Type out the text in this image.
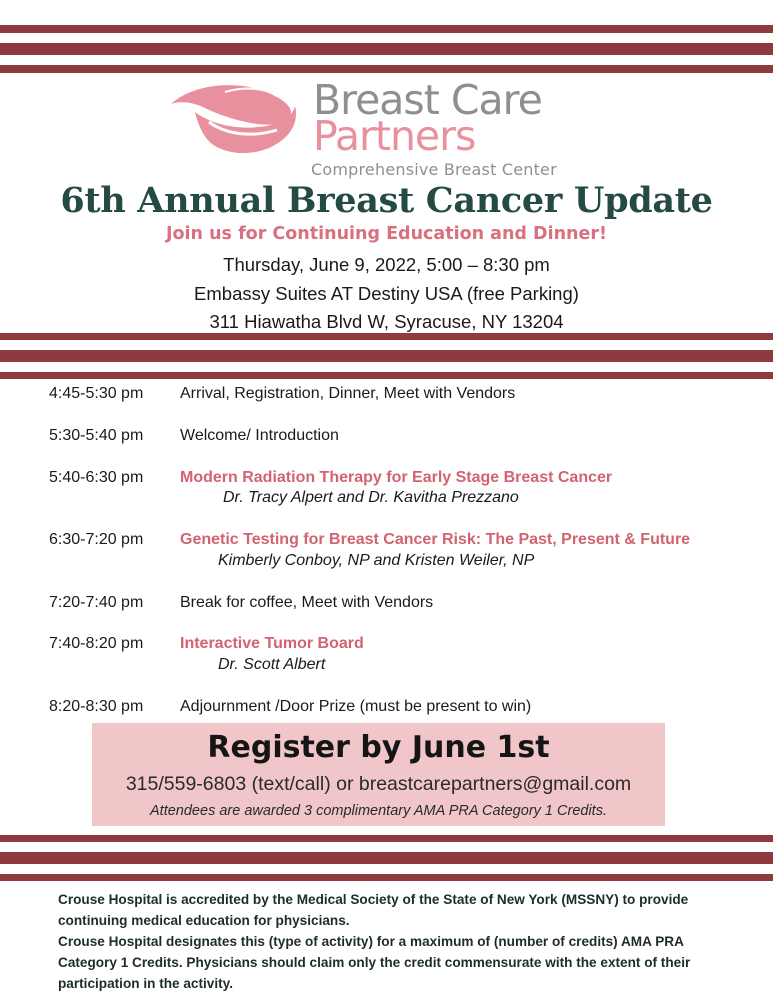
Breast Care
Partners
Comprehensive Breast Center
6th Annual Breast Cancer Update
Join us for Continuing Education and Dinner!
Thursday, June 9, 2022, 5:00 – 8:30 pm
Embassy Suites AT Destiny USA (free Parking)
311 Hiawatha Blvd W, Syracuse, NY 13204
4:45-5:30 pm Arrival, Registration, Dinner, Meet with Vendors
5:30-5:40 pm Welcome/ Introduction
5:40-6:30 pm Modern Radiation Therapy for Early Stage Breast Cancer
Dr. Tracy Alpert and Dr. Kavitha Prezzano
6:30-7:20 pm Genetic Testing for Breast Cancer Risk: The Past, Present & Future
Kimberly Conboy, NP and Kristen Weiler, NP
7:20-7:40 pm Break for coffee, Meet with Vendors
7:40-8:20 pm Interactive Tumor Board
Dr. Scott Albert
8:20-8:30 pm Adjournment /Door Prize (must be present to win)
Register by June 1st
315/559-6803 (text/call) or breastcarepartners@gmail.com
Attendees are awarded 3 complimentary AMA PRA Category 1 Credits.

Crouse Hospital is accredited by the Medical Society of the State of New York (MSSNY) to provide continuing medical education for physicians.

Crouse Hospital designates this (type of activity) for a maximum of (number of credits) AMA PRA Category 1 Credits. Physicians should claim only the credit commensurate with the extent of their participation in the activity.
